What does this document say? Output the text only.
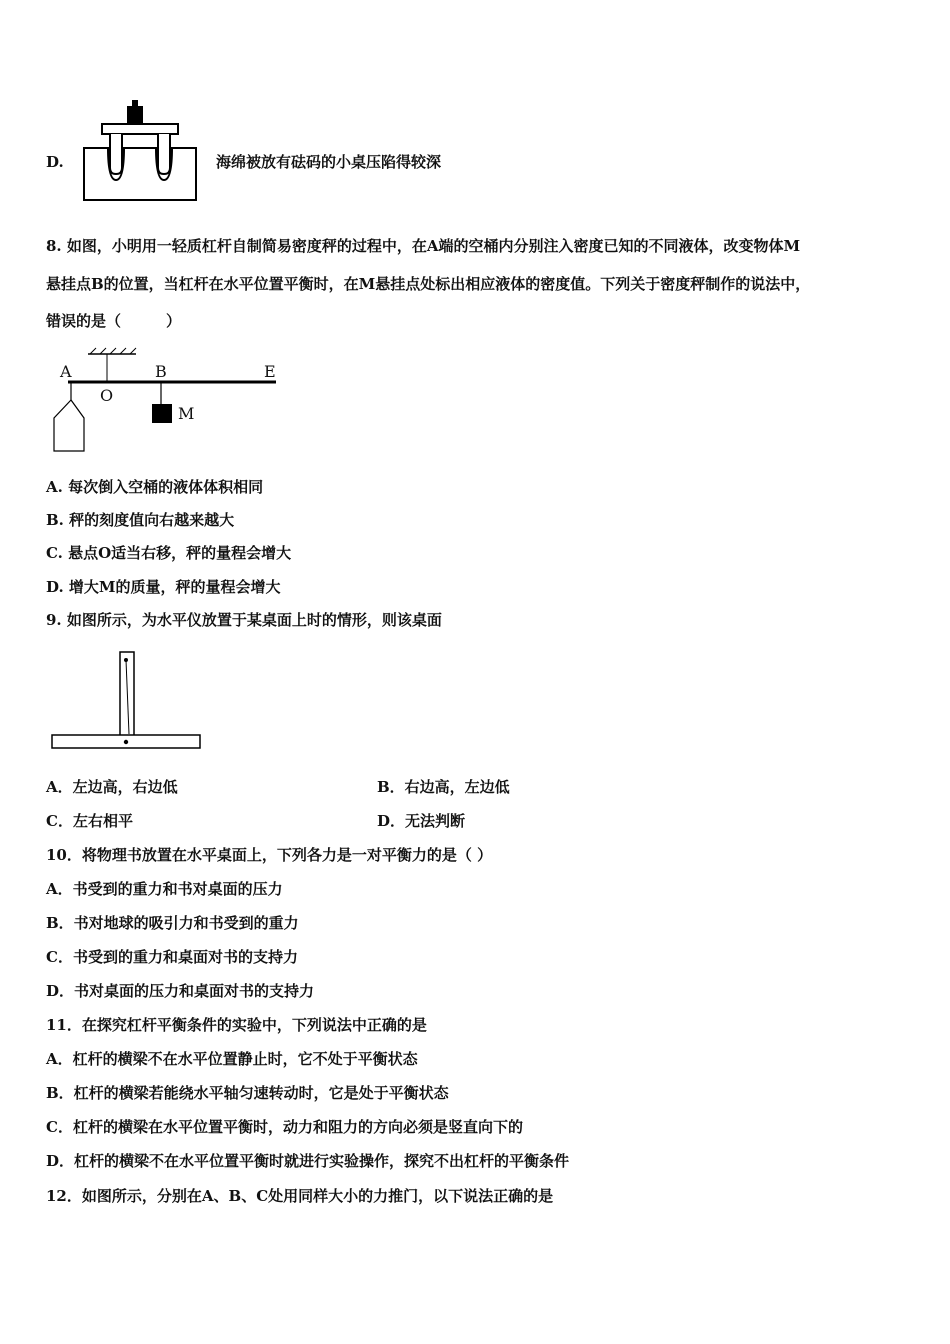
D.	海绵被放有砝码的小桌压陷得较深
8. 如图，小明用一轻质杠杆自制简易密度秤的过程中，在A端的空桶内分别注入密度已知的不同液体，改变物体M
悬挂点B的位置，当杠杆在水平位置平衡时，在M悬挂点处标出相应液体的密度值。下列关于密度秤制作的说法中，
错误的是（　　　）
A
O
B	E
M
A. 每次倒入空桶的液体体积相同
B. 秤的刻度值向右越来越大
C. 悬点O适当右移，秤的量程会增大
D. 增大M的质量，秤的量程会增大
9. 如图所示，为水平仪放置于某桌面上时的情形，则该桌面
A．左边高，右边低	B．右边高，左边低
C．左右相平	D．无法判断
10．将物理书放置在水平桌面上，下列各力是一对平衡力的是（ ）
A．书受到的重力和书对桌面的压力
B．书对地球的吸引力和书受到的重力
C．书受到的重力和桌面对书的支持力
D．书对桌面的压力和桌面对书的支持力
11．在探究杠杆平衡条件的实验中，下列说法中正确的是
A．杠杆的横梁不在水平位置静止时，它不处于平衡状态
B．杠杆的横梁若能绕水平轴匀速转动时，它是处于平衡状态
C．杠杆的横梁在水平位置平衡时，动力和阻力的方向必须是竖直向下的
D．杠杆的横梁不在水平位置平衡时就进行实验操作，探究不出杠杆的平衡条件
12．如图所示，分别在A、B、C处用同样大小的力推门，以下说法正确的是
